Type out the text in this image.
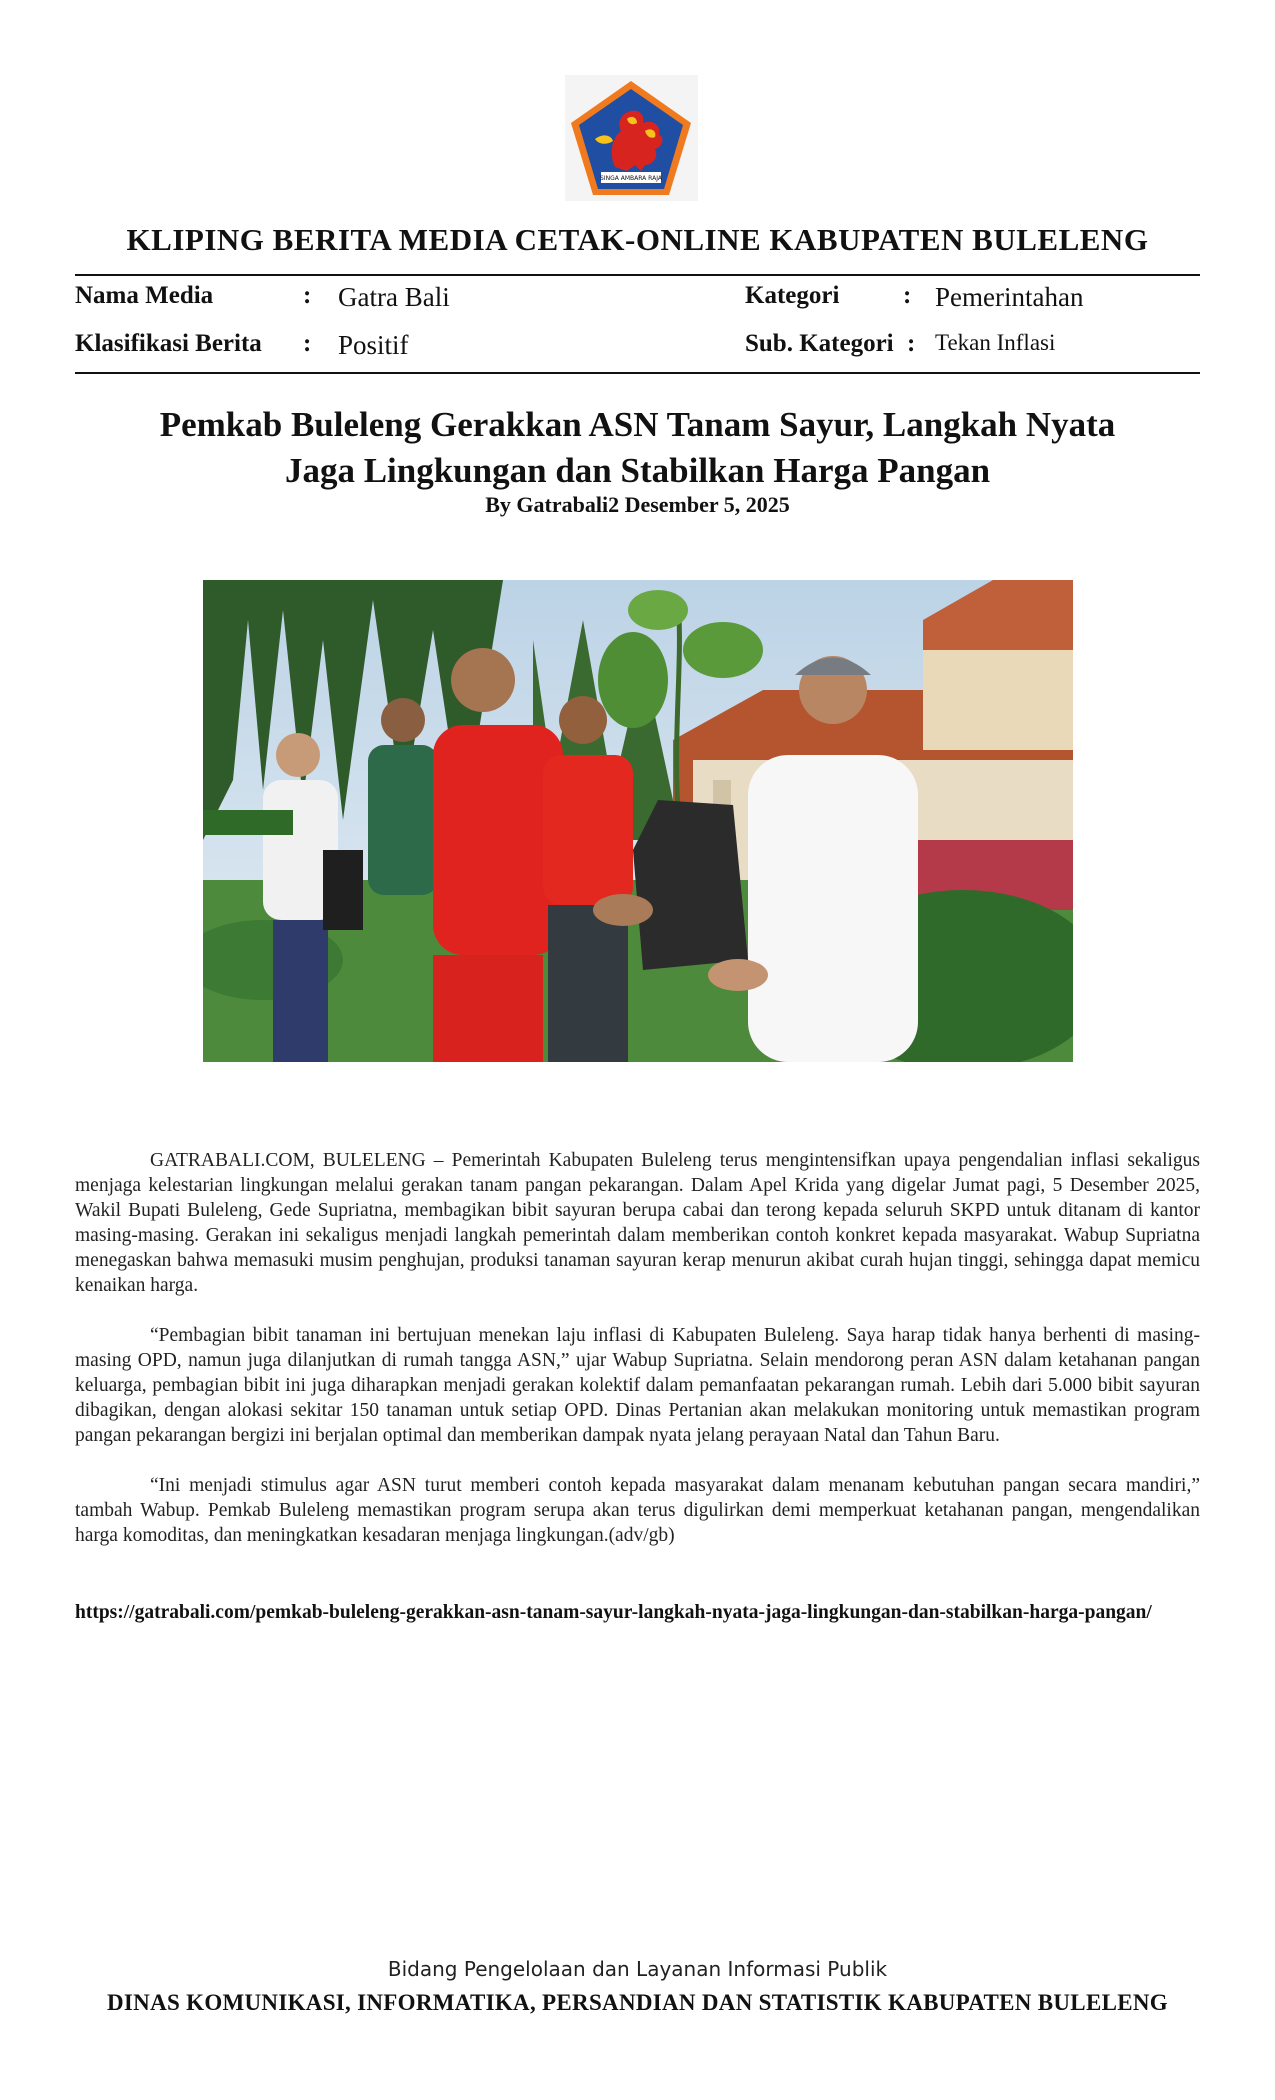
SINGA AMBARA RAJA
KLIPING BERITA MEDIA CETAK-ONLINE KABUPATEN BULELENG
Nama Media	: Gatra Bali
Klasifikasi Berita : Positif
Kategori	: Pemerintahan
Sub. Kategori : Tekan Inflasi
Pemkab Buleleng Gerakkan ASN Tanam Sayur, Langkah Nyata
Jaga Lingkungan dan Stabilkan Harga Pangan
By Gatrabali2 Desember 5, 2025

GATRABALI.COM, BULELENG – Pemerintah Kabupaten Buleleng terus mengintensifkan upaya pengendalian inflasi sekaligus menjaga kelestarian lingkungan melalui gerakan tanam pangan pekarangan. Dalam Apel Krida yang digelar Jumat pagi, 5 Desember 2025, Wakil Bupati Buleleng, Gede Supriatna, membagikan bibit sayuran berupa cabai dan terong kepada seluruh SKPD untuk ditanam di kantor masing-masing. Gerakan ini sekaligus menjadi langkah pemerintah dalam memberikan contoh konkret kepada masyarakat. Wabup Supriatna menegaskan bahwa memasuki musim penghujan, produksi tanaman sayuran kerap menurun akibat curah hujan tinggi, sehingga dapat memicu kenaikan harga.

“Pembagian bibit tanaman ini bertujuan menekan laju inflasi di Kabupaten Buleleng. Saya harap tidak hanya berhenti di masing-masing OPD, namun juga dilanjutkan di rumah tangga ASN,” ujar Wabup Supriatna. Selain mendorong peran ASN dalam ketahanan pangan keluarga, pembagian bibit ini juga diharapkan menjadi gerakan kolektif dalam pemanfaatan pekarangan rumah. Lebih dari 5.000 bibit sayuran dibagikan, dengan alokasi sekitar 150 tanaman untuk setiap OPD. Dinas Pertanian akan melakukan monitoring untuk memastikan program pangan pekarangan bergizi ini berjalan optimal dan memberikan dampak nyata jelang perayaan Natal dan Tahun Baru.

“Ini menjadi stimulus agar ASN turut memberi contoh kepada masyarakat dalam menanam kebutuhan pangan secara mandiri,” tambah Wabup. Pemkab Buleleng memastikan program serupa akan terus digulirkan demi memperkuat ketahanan pangan, mengendalikan harga komoditas, dan meningkatkan kesadaran menjaga lingkungan.(adv/gb)

https://gatrabali.com/pemkab-buleleng-gerakkan-asn-tanam-sayur-langkah-nyata-jaga-lingkungan-dan-stabilkan-harga-pangan/
Bidang Pengelolaan dan Layanan Informasi Publik
DINAS KOMUNIKASI, INFORMATIKA, PERSANDIAN DAN STATISTIK KABUPATEN BULELENG
